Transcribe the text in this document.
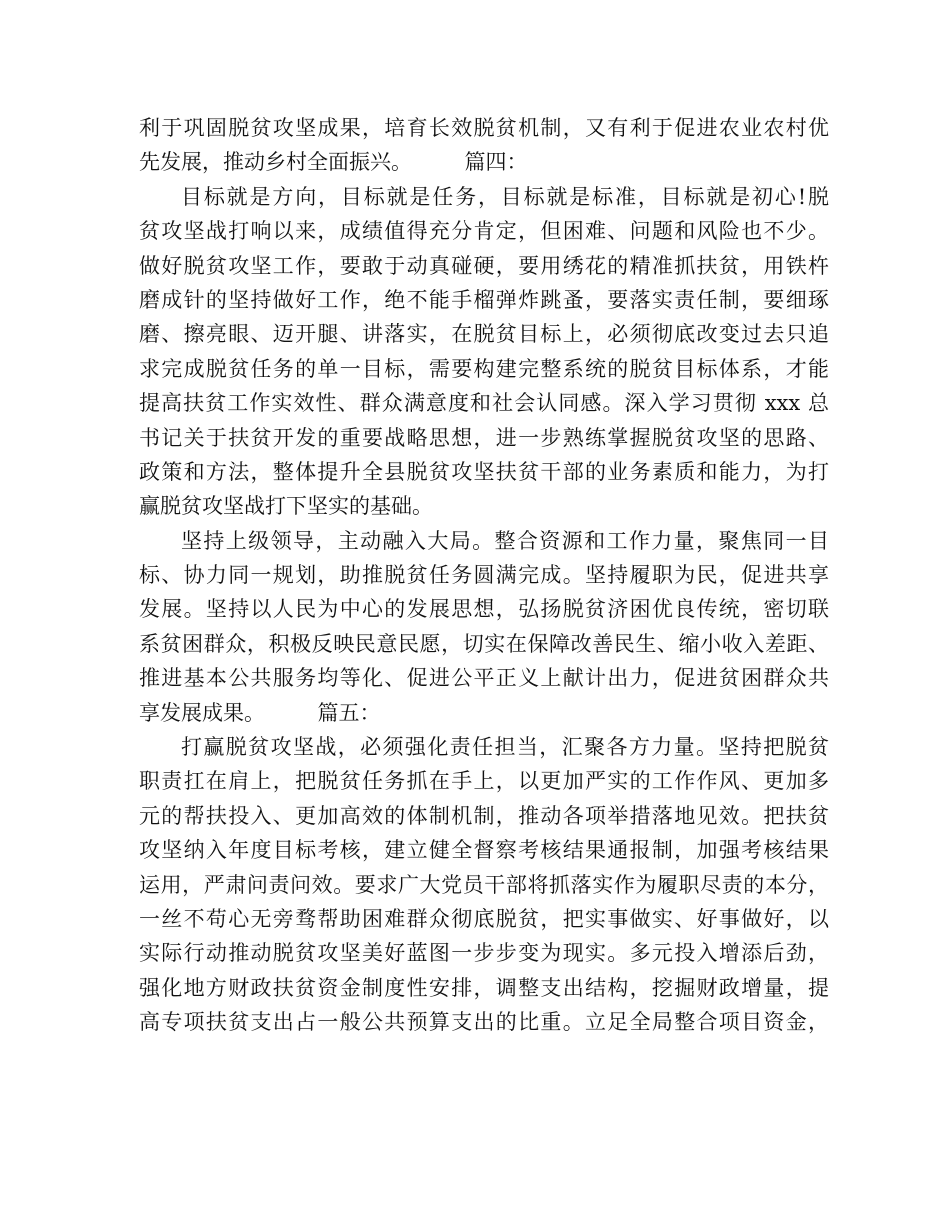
利于巩固脱贫攻坚成果，培育长效脱贫机制，又有利于促进农业农村优
先发展，推动乡村全面振兴。　　　篇四：
目标就是方向，目标就是任务，目标就是标准，目标就是初心!脱
贫攻坚战打响以来，成绩值得充分肯定，但困难、问题和风险也不少。
做好脱贫攻坚工作，要敢于动真碰硬，要用绣花的精准抓扶贫，用铁杵
磨成针的坚持做好工作，绝不能手榴弹炸跳蚤，要落实责任制，要细琢
磨、擦亮眼、迈开腿、讲落实，在脱贫目标上，必须彻底改变过去只追
求完成脱贫任务的单一目标，需要构建完整系统的脱贫目标体系，才能
提高扶贫工作实效性、群众满意度和社会认同感。深入学习贯彻 xxx 总
书记关于扶贫开发的重要战略思想，进一步熟练掌握脱贫攻坚的思路、
政策和方法，整体提升全县脱贫攻坚扶贫干部的业务素质和能力，为打
赢脱贫攻坚战打下坚实的基础。
坚持上级领导，主动融入大局。整合资源和工作力量，聚焦同一目
标、协力同一规划，助推脱贫任务圆满完成。坚持履职为民，促进共享
发展。坚持以人民为中心的发展思想，弘扬脱贫济困优良传统，密切联
系贫困群众，积极反映民意民愿，切实在保障改善民生、缩小收入差距、
推进基本公共服务均等化、促进公平正义上献计出力，促进贫困群众共
享发展成果。　　　篇五：
打赢脱贫攻坚战，必须强化责任担当，汇聚各方力量。坚持把脱贫
职责扛在肩上，把脱贫任务抓在手上，以更加严实的工作作风、更加多
元的帮扶投入、更加高效的体制机制，推动各项举措落地见效。把扶贫
攻坚纳入年度目标考核，建立健全督察考核结果通报制，加强考核结果
运用，严肃问责问效。要求广大党员干部将抓落实作为履职尽责的本分，
一丝不苟心无旁骛帮助困难群众彻底脱贫，把实事做实、好事做好，以
实际行动推动脱贫攻坚美好蓝图一步步变为现实。多元投入增添后劲，
强化地方财政扶贫资金制度性安排，调整支出结构，挖掘财政增量，提
高专项扶贫支出占一般公共预算支出的比重。立足全局整合项目资金，
